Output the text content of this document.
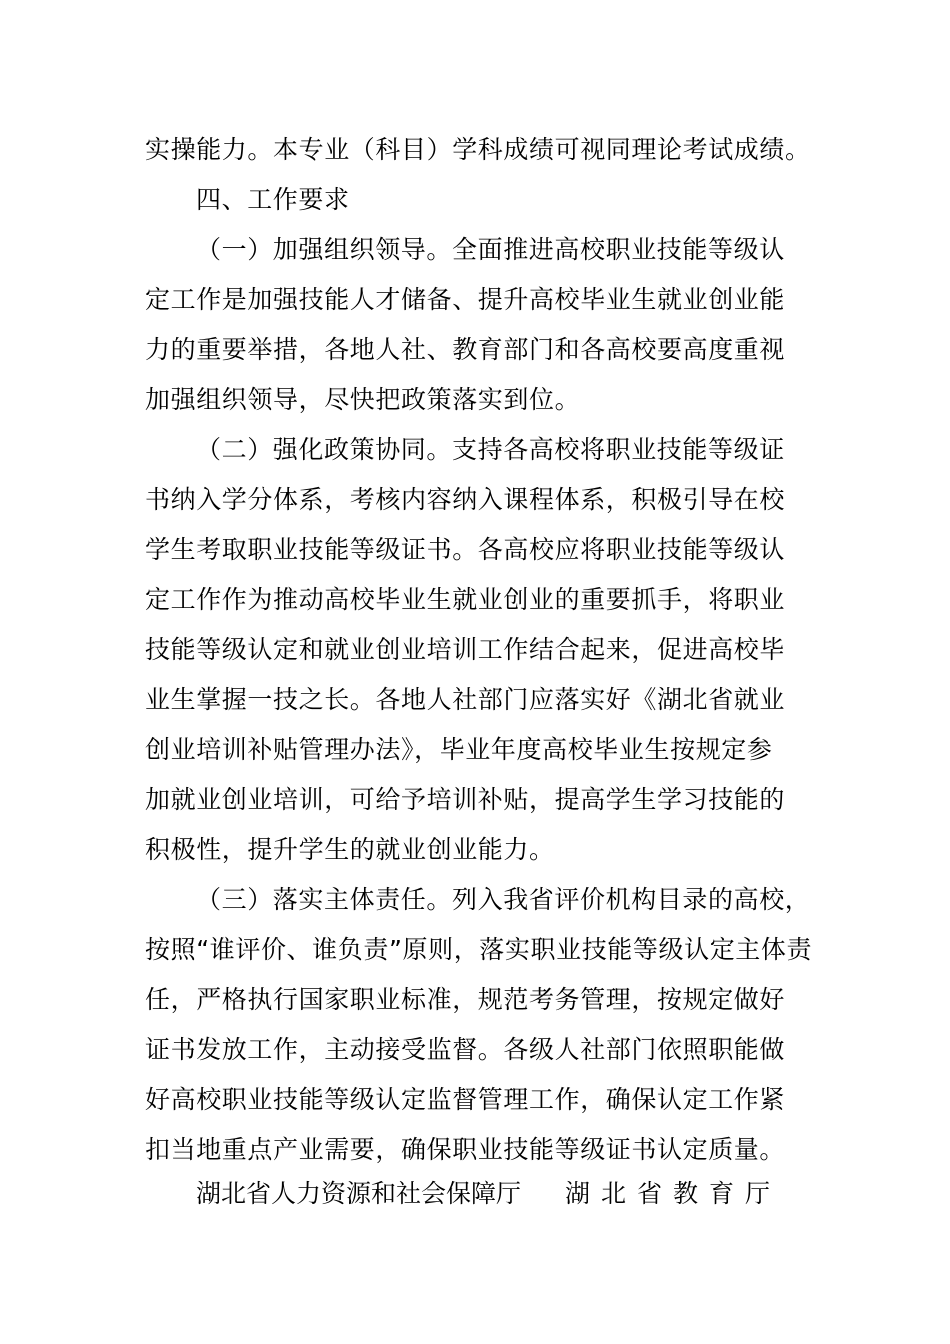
实操能力。本专业（科目）学科成绩可视同理论考试成绩。
四、工作要求
（一）加强组织领导。全面推进高校职业技能等级认
定工作是加强技能人才储备、提升高校毕业生就业创业能
力的重要举措，各地人社、教育部门和各高校要高度重视
加强组织领导，尽快把政策落实到位。
（二）强化政策协同。支持各高校将职业技能等级证
书纳入学分体系，考核内容纳入课程体系，积极引导在校
学生考取职业技能等级证书。各高校应将职业技能等级认
定工作作为推动高校毕业生就业创业的重要抓手，将职业
技能等级认定和就业创业培训工作结合起来，促进高校毕
业生掌握一技之长。各地人社部门应落实好《湖北省就业
创业培训补贴管理办法》，毕业年度高校毕业生按规定参
加就业创业培训，可给予培训补贴，提高学生学习技能的
积极性，提升学生的就业创业能力。
（三）落实主体责任。列入我省评价机构目录的高校，
按照“谁评价、谁负责”原则，落实职业技能等级认定主体责
任，严格执行国家职业标准，规范考务管理，按规定做好
证书发放工作，主动接受监督。各级人社部门依照职能做
好高校职业技能等级认定监督管理工作，确保认定工作紧
扣当地重点产业需要，确保职业技能等级证书认定质量。
湖北省人力资源和社会保障厅 湖北省教育厅
